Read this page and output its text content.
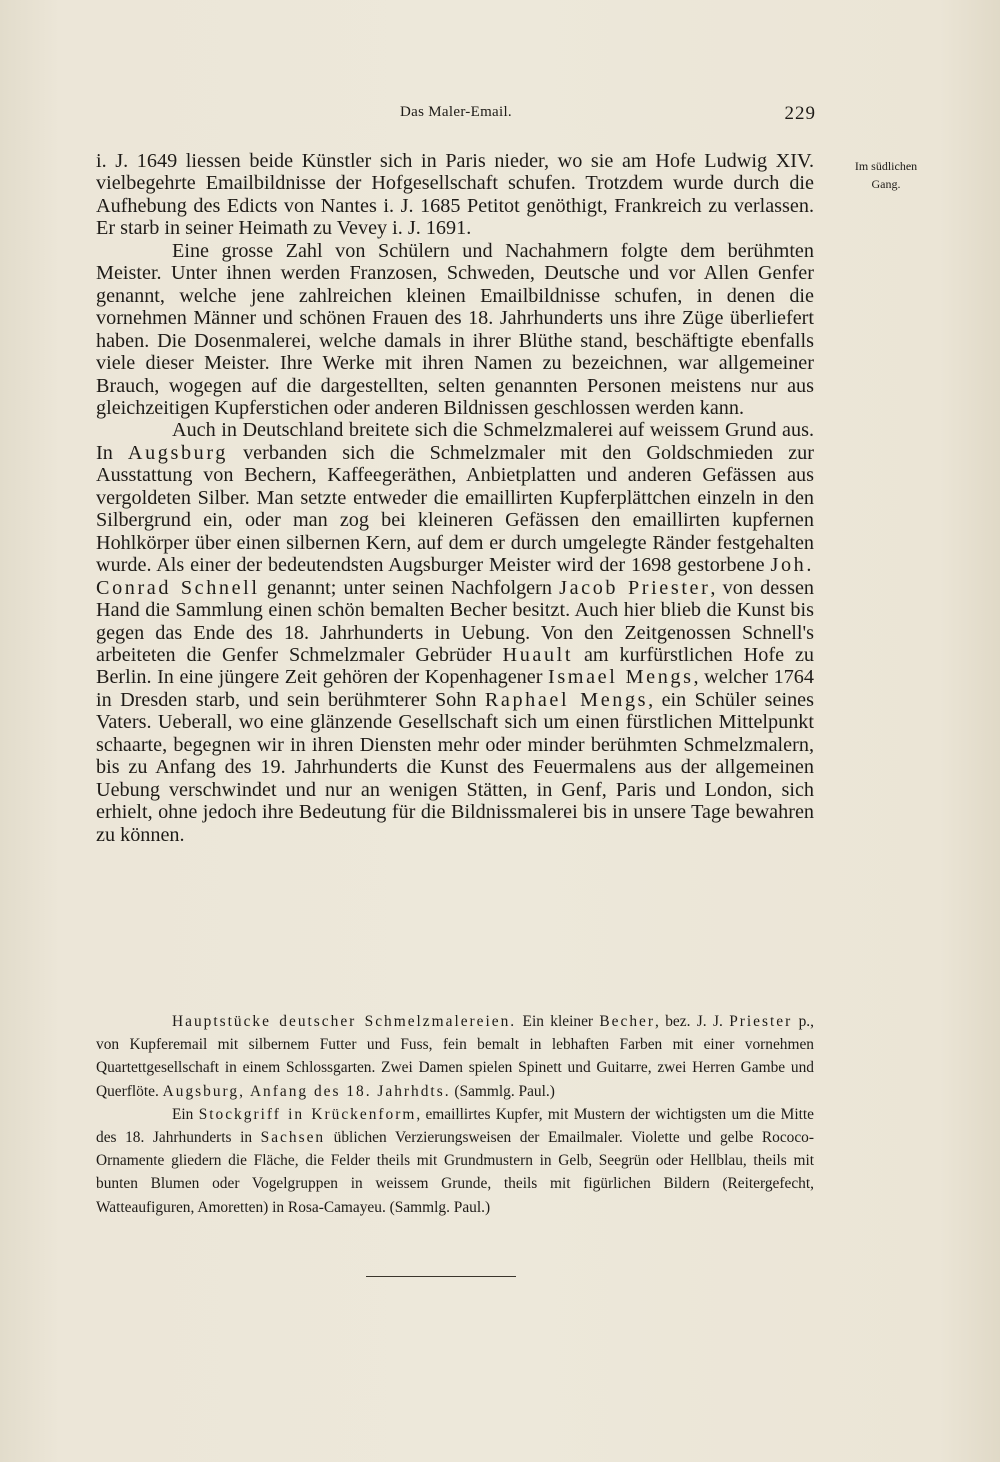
Das Maler-Email.	229
Im südlichen
Gang.

i. J. 1649 liessen beide Künstler sich in Paris nieder, wo sie am Hofe Ludwig XIV. vielbegehrte Emailbildnisse der Hofgesellschaft schufen. Trotzdem wurde durch die Aufhebung des Edicts von Nantes i. J. 1685 Petitot genöthigt, Frankreich zu verlassen. Er starb in seiner Heimath zu Vevey i. J. 1691.

Eine grosse Zahl von Schülern und Nachahmern folgte dem berühmten Meister. Unter ihnen werden Franzosen, Schweden, Deutsche und vor Allen Genfer genannt, welche jene zahlreichen kleinen Emailbildnisse schufen, in denen die vornehmen Männer und schönen Frauen des 18. Jahrhunderts uns ihre Züge überliefert haben. Die Dosenmalerei, welche damals in ihrer Blüthe stand, beschäftigte ebenfalls viele dieser Meister. Ihre Werke mit ihren Namen zu bezeichnen, war allgemeiner Brauch, wogegen auf die dargestellten, selten genannten Personen meistens nur aus gleichzeitigen Kupferstichen oder anderen Bildnissen geschlossen werden kann.

Auch in Deutschland breitete sich die Schmelzmalerei auf weissem Grund aus. In Augsburg verbanden sich die Schmelzmaler mit den Goldschmieden zur Ausstattung von Bechern, Kaffeegeräthen, Anbietplatten und anderen Gefässen aus vergoldeten Silber. Man setzte entweder die emaillirten Kupferplättchen einzeln in den Silbergrund ein, oder man zog bei kleineren Gefässen den emaillirten kupfernen Hohlkörper über einen silbernen Kern, auf dem er durch umgelegte Ränder festgehalten wurde. Als einer der bedeutendsten Augsburger Meister wird der 1698 gestorbene Joh. Conrad Schnell genannt; unter seinen Nachfolgern Jacob Priester, von dessen Hand die Sammlung einen schön bemalten Becher besitzt. Auch hier blieb die Kunst bis gegen das Ende des 18. Jahrhunderts in Uebung. Von den Zeitgenossen Schnell's arbeiteten die Genfer Schmelzmaler Gebrüder Huault am kurfürstlichen Hofe zu Berlin. In eine jüngere Zeit gehören der Kopenhagener Ismael Mengs, welcher 1764 in Dresden starb, und sein berühmterer Sohn Raphael Mengs, ein Schüler seines Vaters. Ueberall, wo eine glänzende Gesellschaft sich um einen fürstlichen Mittelpunkt schaarte, begegnen wir in ihren Diensten mehr oder minder berühmten Schmelzmalern, bis zu Anfang des 19. Jahrhunderts die Kunst des Feuermalens aus der allgemeinen Uebung verschwindet und nur an wenigen Stätten, in Genf, Paris und London, sich erhielt, ohne jedoch ihre Bedeutung für die Bildnissmalerei bis in unsere Tage bewahren zu können.

Hauptstücke deutscher Schmelzmalereien. Ein kleiner Becher, bez. J. J. Priester p., von Kupferemail mit silbernem Futter und Fuss, fein bemalt in lebhaften Farben mit einer vornehmen Quartettgesellschaft in einem Schlossgarten. Zwei Damen spielen Spinett und Guitarre, zwei Herren Gambe und Querflöte. Augsburg, Anfang des 18. Jahrhdts. (Sammlg. Paul.)

Ein Stockgriff in Krückenform, emaillirtes Kupfer, mit Mustern der wichtigsten um die Mitte des 18. Jahrhunderts in Sachsen üblichen Verzierungsweisen der Emailmaler. Violette und gelbe Rococo-Ornamente gliedern die Fläche, die Felder theils mit Grundmustern in Gelb, Seegrün oder Hellblau, theils mit bunten Blumen oder Vogelgruppen in weissem Grunde, theils mit figürlichen Bildern (Reitergefecht, Watteaufiguren, Amoretten) in Rosa-Camayeu. (Sammlg. Paul.)
